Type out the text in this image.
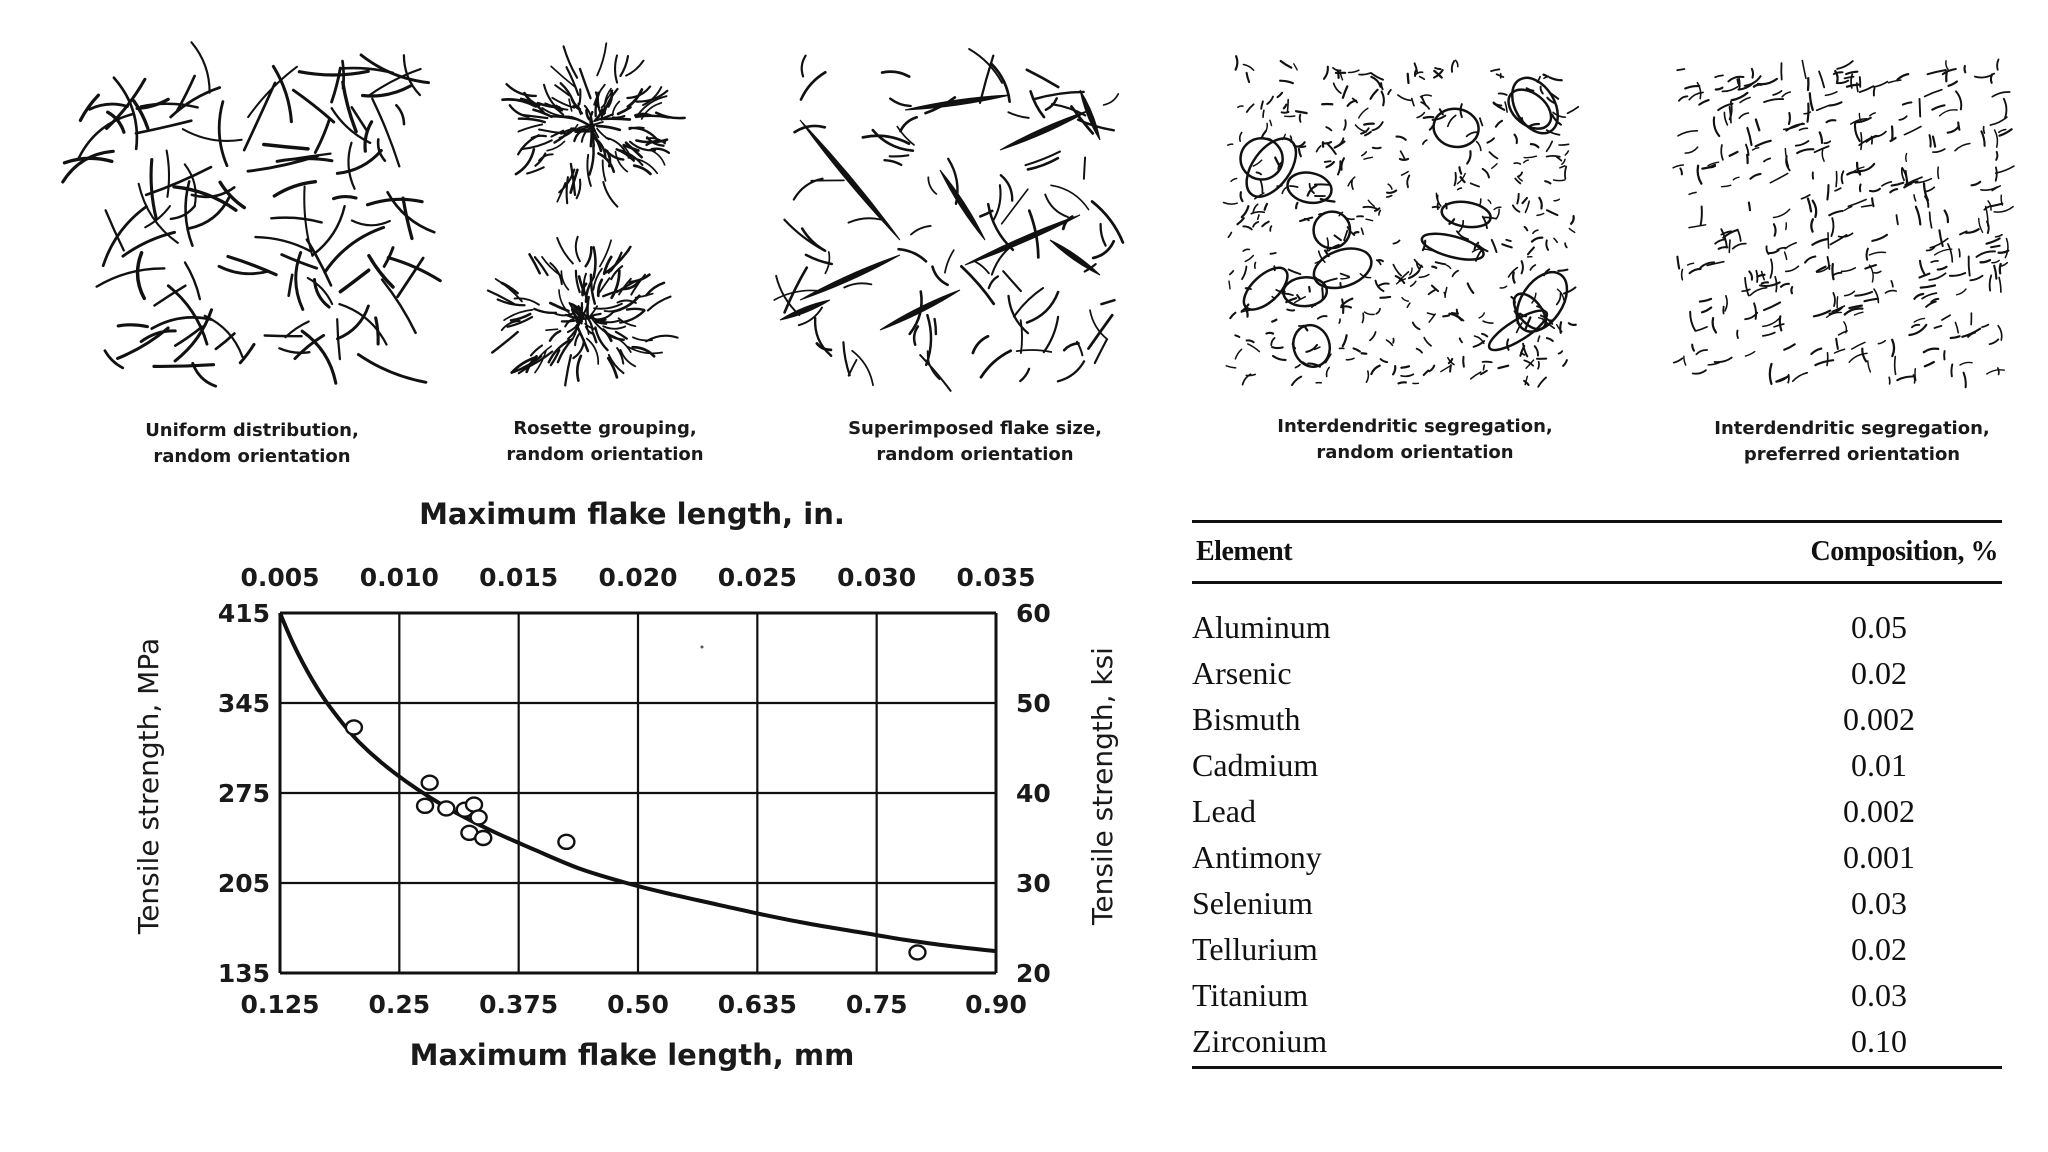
Uniform distribution,
random orientation
Rosette grouping,
random orientation
Superimposed flake size,
random orientation
Interdendritic segregation,
random orientation
Interdendritic segregation,
preferred orientation
Maximum flake length, in.
Maximum flake length, mm
Tensile strength, MPa	Tensile strength, ksi
0.125
0.005
0.25
0.010
0.375
0.015
0.50
0.020
0.635
0.025
0.75
0.030
0.90
0.035
415	60
345	50
275	40
205	30
135	20
Element	Composition, %
Aluminum	0.05
Arsenic	0.02
Bismuth	0.002
Cadmium	0.01
Lead	0.002
Antimony	0.001
Selenium	0.03
Tellurium	0.02
Titanium	0.03
Zirconium	0.10
